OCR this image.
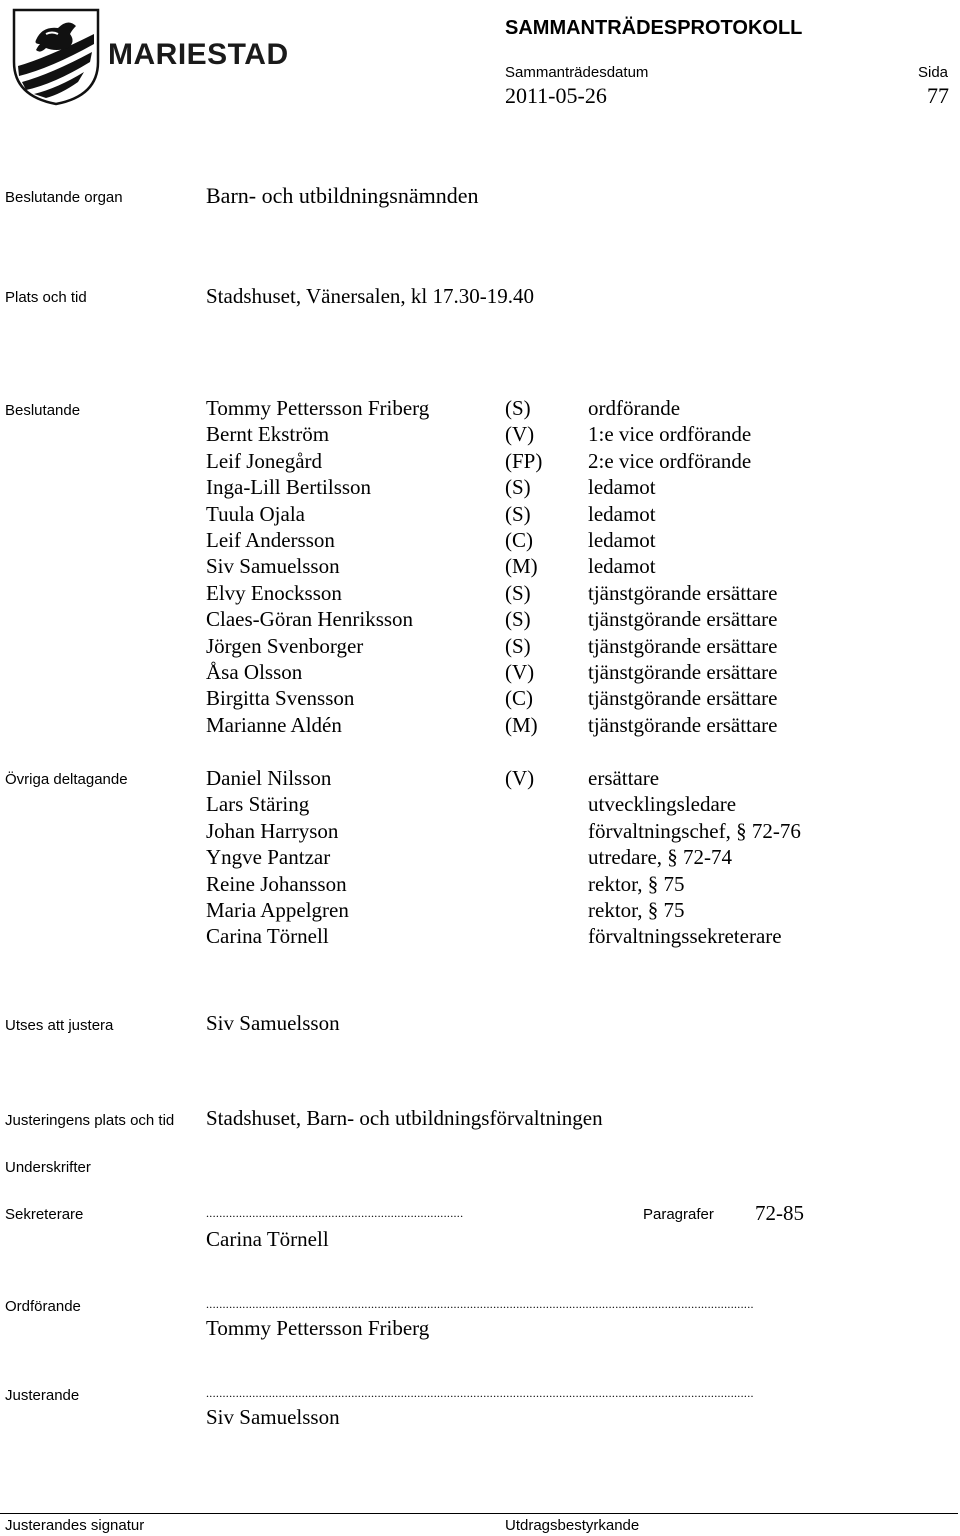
MARIESTAD
SAMMANTRÄDESPROTOKOLL
Sammanträdesdatum	Sida
2011-05-26	77
Beslutande organ	Barn- och utbildningsnämnden
Plats och tid	Stadshuset, Vänersalen, kl 17.30-19.40
Beslutande	Tommy Pettersson Friberg	(S)	ordförande
Bernt Ekström	(V)	1:e vice ordförande
Leif Jonegård	(FP) 2:e vice ordförande
Inga-Lill Bertilsson	(S)	ledamot
Tuula Ojala	(S)	ledamot
Leif Andersson	(C)	ledamot
Siv Samuelsson	(M) ledamot
Elvy Enocksson	(S)	tjänstgörande ersättare
Claes-Göran Henriksson	(S)	tjänstgörande ersättare
Jörgen Svenborger	(S)	tjänstgörande ersättare
Åsa Olsson	(V)	tjänstgörande ersättare
Birgitta Svensson	(C)	tjänstgörande ersättare
Marianne Aldén	(M) tjänstgörande ersättare
Övriga deltagande	Daniel Nilsson	(V)	ersättare
Lars Stäring	utvecklingsledare
Johan Harryson	förvaltningschef, § 72-76
Yngve Pantzar	utredare, § 72-74
Reine Johansson	rektor, § 75
Maria Appelgren	rektor, § 75
Carina Törnell	förvaltningssekreterare
Utses att justera	Siv Samuelsson
Justeringens plats och tid Stadshuset, Barn- och utbildningsförvaltningen
Underskrifter
Sekreterare	..............................................................................	Paragrafer 72-85
Carina Törnell
Ordförande	......................................................................................................................................................................
Tommy Pettersson Friberg
Justerande	......................................................................................................................................................................
Siv Samuelsson
Justerandes signatur	Utdragsbestyrkande
